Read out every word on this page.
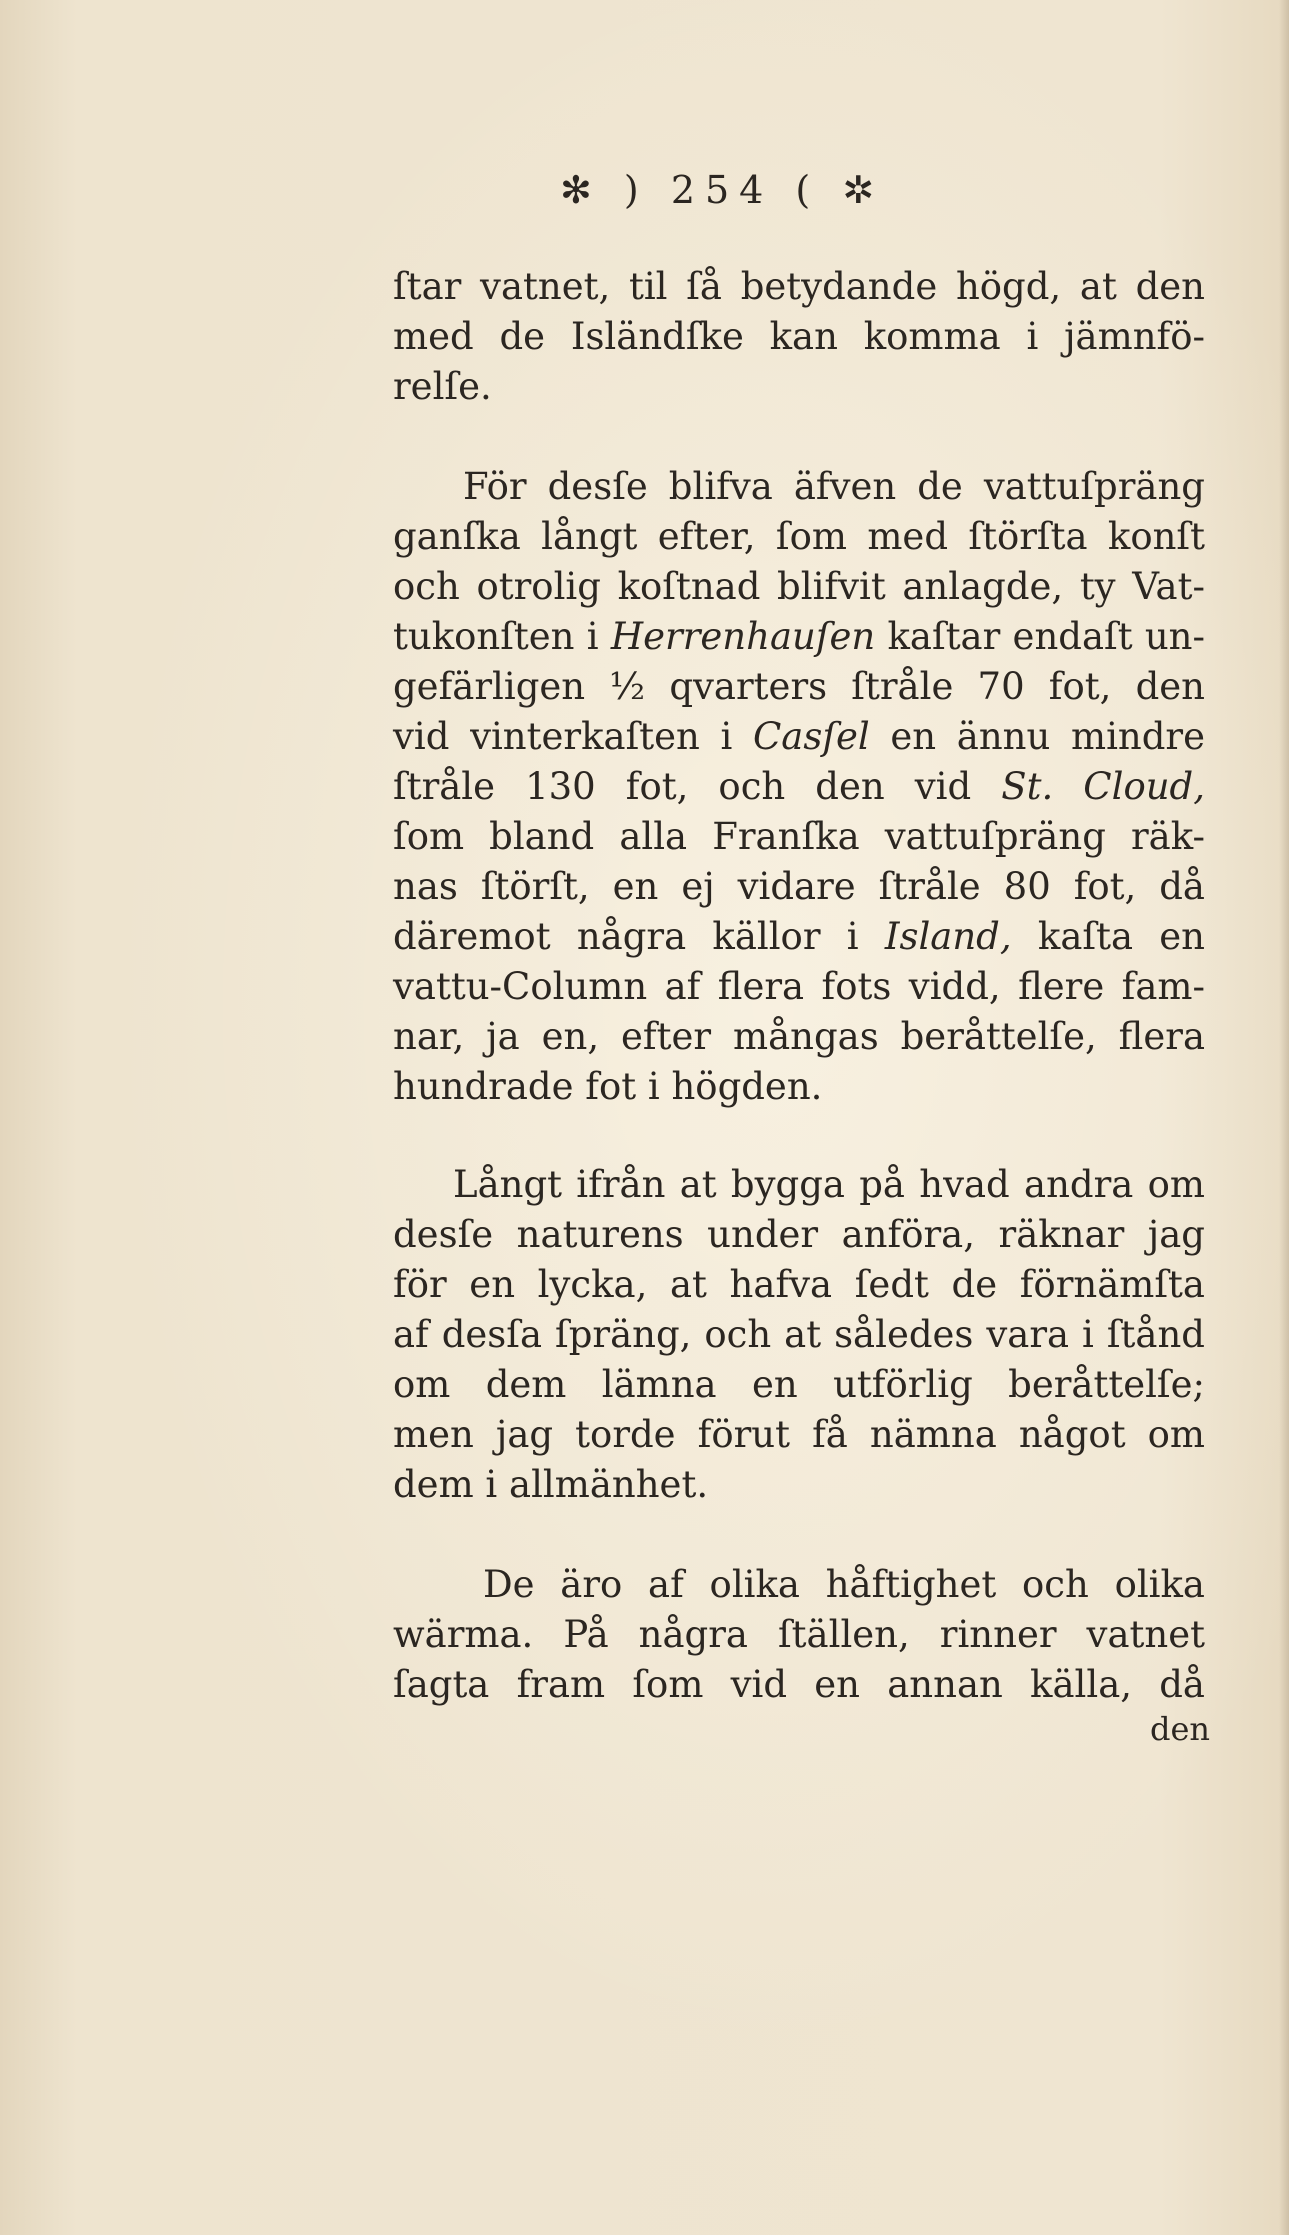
✻ ) 254 ( ✲
ſtar vatnet, til ſå betydande högd, at den
med de Isländſke kan komma i jämnfö-
relſe.
För desſe blifva äfven de vattuſpräng
ganſka långt efter, ſom med ſtörſta konſt
och otrolig koſtnad blifvit anlagde, ty Vat-
tukonſten i Herrenhauſen kaſtar endaſt un-
gefärligen ½ qvarters ſtråle 70 fot, den
vid vinterkaſten i Casſel en ännu mindre
ſtråle 130 fot, och den vid St. Cloud,
ſom bland alla Franſka vattuſpräng räk-
nas ſtörſt, en ej vidare ſtråle 80 fot, då
däremot några källor i Island, kaſta en
vattu-Column af flera fots vidd, flere fam-
nar, ja en, efter mångas beråttelſe, flera
hundrade fot i högden.
Långt ifrån at bygga på hvad andra om
desſe naturens under anföra, räknar jag
för en lycka, at hafva ſedt de förnämſta
af desſa ſpräng, och at således vara i ſtånd
om dem lämna en utförlig beråttelſe;
men jag torde förut få nämna något om
dem i allmänhet.
De äro af olika håftighet och olika
wärma. På några ſtällen, rinner vatnet
ſagta fram ſom vid en annan källa, då
den
